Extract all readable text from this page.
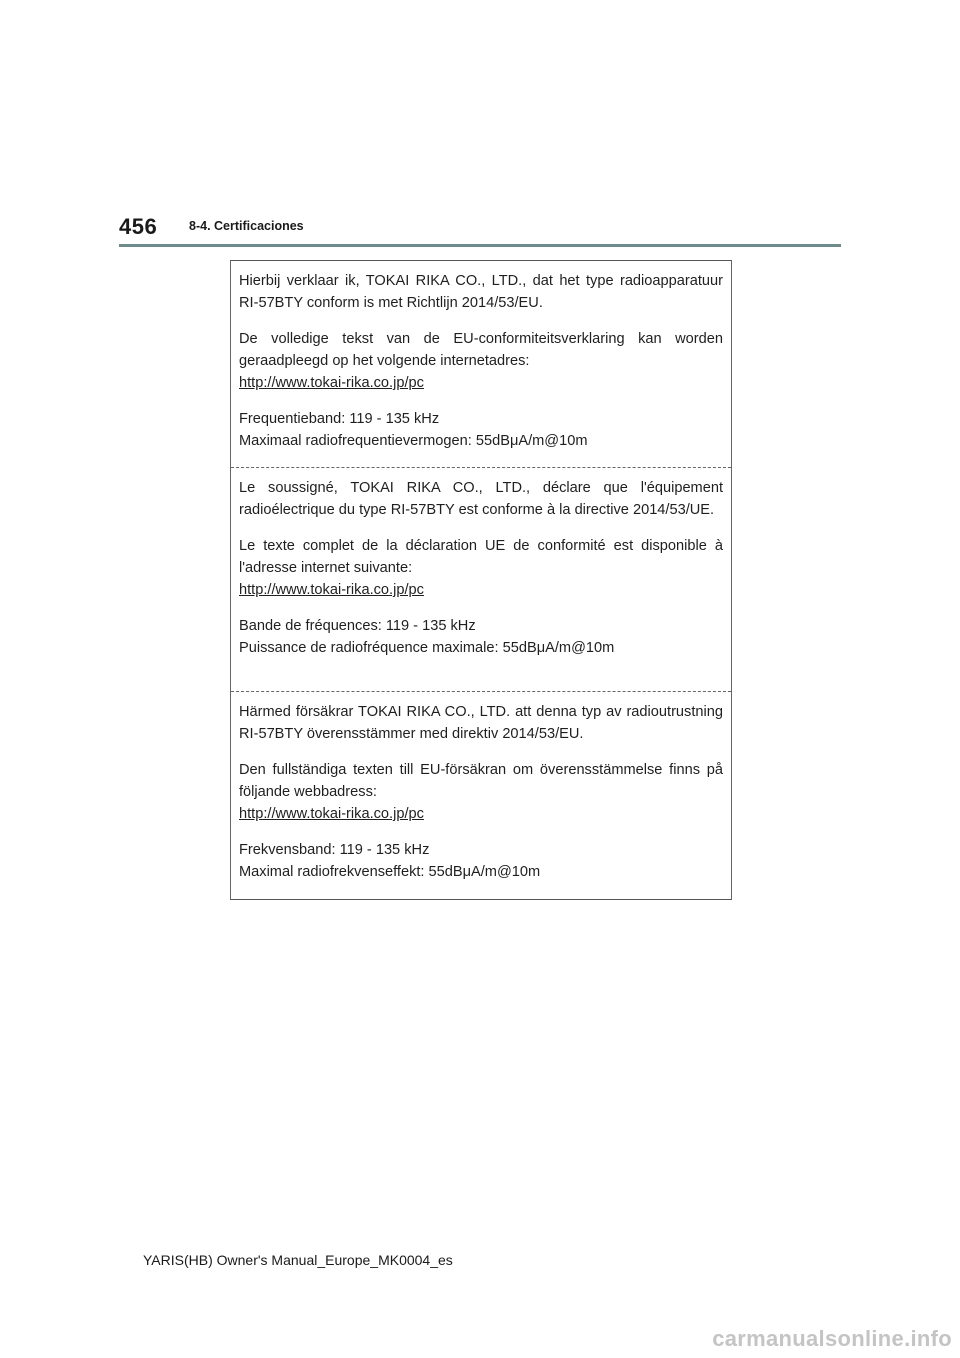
456	8-4. Certificaciones

Hierbij verklaar ik, TOKAI RIKA CO., LTD., dat het type radioapparatuur RI-57BTY conform is met Richtlijn 2014/53/EU.

De volledige tekst van de EU-conformiteitsverklaring kan worden geraadpleegd op het volgende internetadres:
http://www.tokai-rika.co.jp/pc

Frequentieband: 119 - 135 kHz
Maximaal radiofrequentievermogen: 55dBμA/m@10m

Le soussigné, TOKAI RIKA CO., LTD., déclare que l'équipement radioélectrique du type RI-57BTY est conforme à la directive 2014/53/UE.

Le texte complet de la déclaration UE de conformité est disponible à l'adresse internet suivante:
http://www.tokai-rika.co.jp/pc

Bande de fréquences: 119 - 135 kHz
Puissance de radiofréquence maximale: 55dBμA/m@10m

Härmed försäkrar TOKAI RIKA CO., LTD. att denna typ av radioutrustning RI-57BTY överensstämmer med direktiv 2014/53/EU.

Den fullständiga texten till EU-försäkran om överensstämmelse finns på följande webbadress:
http://www.tokai-rika.co.jp/pc

Frekvensband: 119 - 135 kHz
Maximal radiofrekvenseffekt: 55dBμA/m@10m

YARIS(HB) Owner's Manual_Europe_MK0004_es
carmanualsonline.info
